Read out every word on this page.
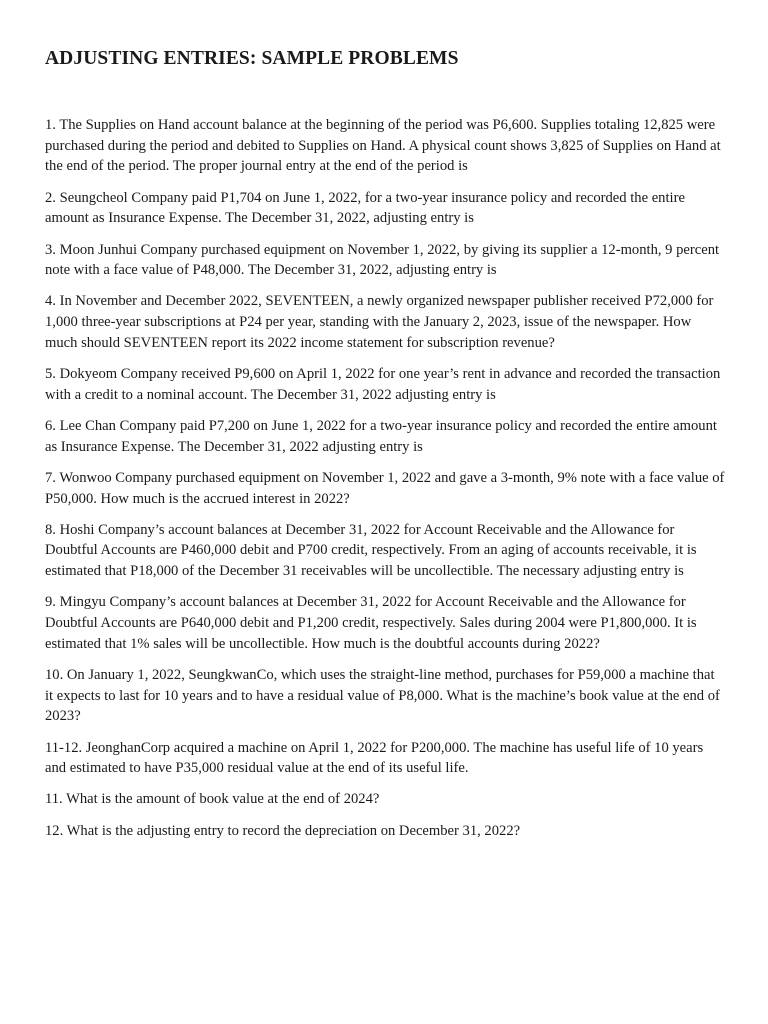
ADJUSTING ENTRIES: SAMPLE PROBLEMS

1. The Supplies on Hand account balance at the beginning of the period was P6,600. Supplies totaling 12,825 were purchased during the period and debited to Supplies on Hand. A physical count shows 3,825 of Supplies on Hand at the end of the period. The proper journal entry at the end of the period is

2. Seungcheol Company paid P1,704 on June 1, 2022, for a two-year insurance policy and recorded the entire amount as Insurance Expense. The December 31, 2022, adjusting entry is

3. Moon Junhui Company purchased equipment on November 1, 2022, by giving its supplier a 12-month, 9 percent note with a face value of P48,000. The December 31, 2022, adjusting entry is

4. In November and December 2022, SEVENTEEN, a newly organized newspaper publisher received P72,000 for 1,000 three-year subscriptions at P24 per year, standing with the January 2, 2023, issue of the newspaper. How much should SEVENTEEN report its 2022 income statement for subscription revenue?

5. Dokyeom Company received P9,600 on April 1, 2022 for one year’s rent in advance and recorded the transaction with a credit to a nominal account. The December 31, 2022 adjusting entry is

6. Lee Chan Company paid P7,200 on June 1, 2022 for a two-year insurance policy and recorded the entire amount as Insurance Expense. The December 31, 2022 adjusting entry is

7. Wonwoo Company purchased equipment on November 1, 2022 and gave a 3-month, 9% note with a face value of P50,000. How much is the accrued interest in 2022?

8. Hoshi Company’s account balances at December 31, 2022 for Account Receivable and the Allowance for Doubtful Accounts are P460,000 debit and P700 credit, respectively. From an aging of accounts receivable, it is estimated that P18,000 of the December 31 receivables will be uncollectible. The necessary adjusting entry is

9. Mingyu Company’s account balances at December 31, 2022 for Account Receivable and the Allowance for Doubtful Accounts are P640,000 debit and P1,200 credit, respectively. Sales during 2004 were P1,800,000. It is estimated that 1% sales will be uncollectible. How much is the doubtful accounts during 2022?

10. On January 1, 2022, SeungkwanCo, which uses the straight-line method, purchases for P59,000 a machine that it expects to last for 10 years and to have a residual value of P8,000. What is the machine’s book value at the end of 2023?

11-12. JeonghanCorp acquired a machine on April 1, 2022 for P200,000. The machine has useful life of 10 years and estimated to have P35,000 residual value at the end of its useful life.

11. What is the amount of book value at the end of 2024?

12. What is the adjusting entry to record the depreciation on December 31, 2022?
